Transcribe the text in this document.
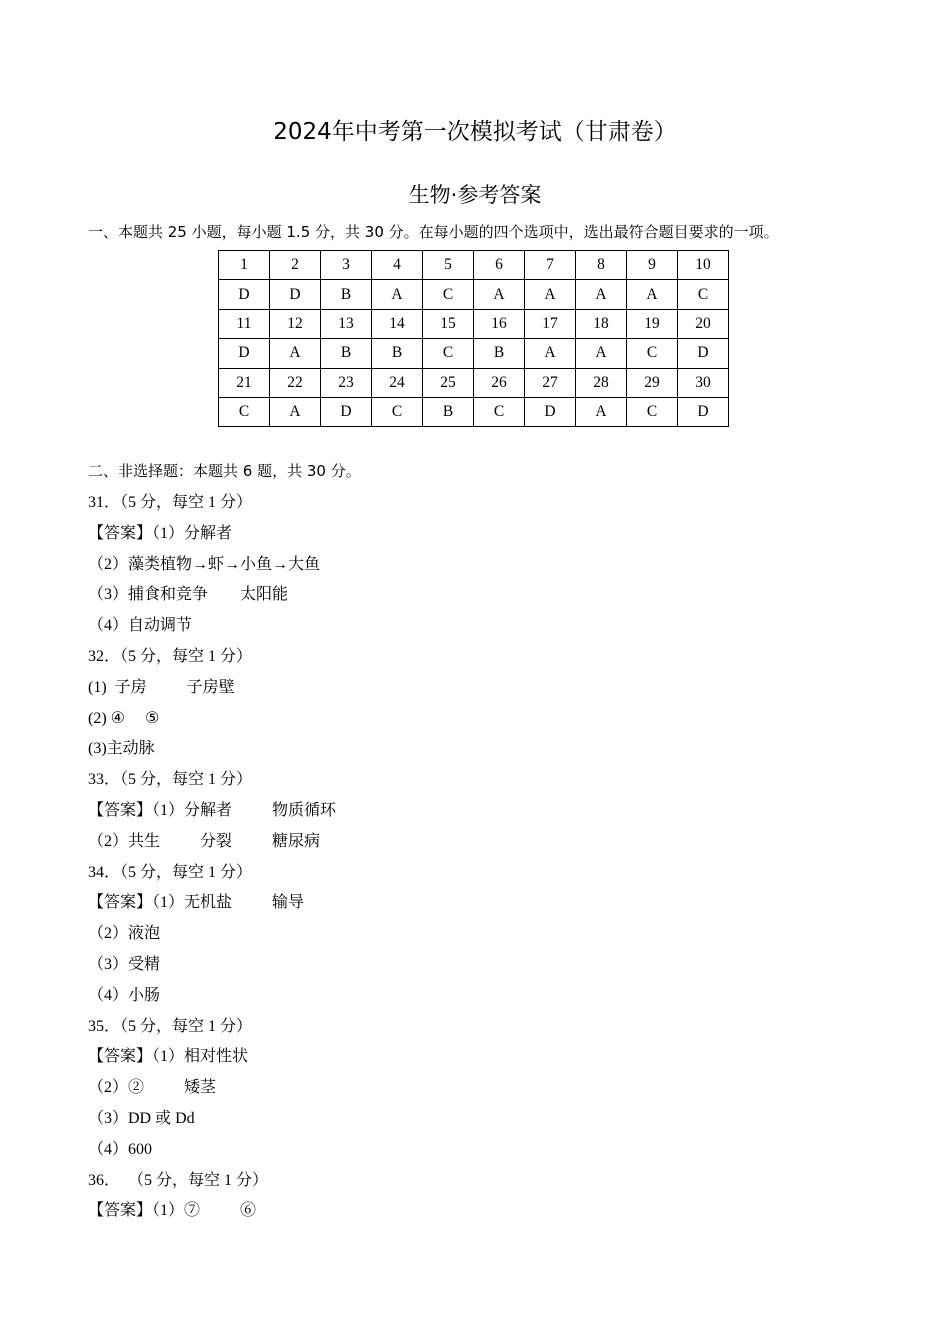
2024年中考第一次模拟考试（甘肃卷）
生物·参考答案
一、本题共 25 小题，每小题 1.5 分，共 30 分。在每小题的四个选项中，选出最符合题目要求的一项。
1	2	3	4	5	6	7	8	9	10
D	D	B	A	C	A	A	A	A	C
11	12	13	14	15	16	17	18	19	20
D	A	B	B	C	B	A	A	C	D
21	22	23	24	25	26	27	28	29	30
C	A	D	C	B	C	D	A	C	D
二、非选择题：本题共 6 题，共 30 分。
31．（5 分，每空 1 分）
【答案】（1）分解者
（2）藻类植物→虾→小鱼→大鱼
（3）捕食和竞争        太阳能
（4）自动调节
32．（5 分，每空 1 分）
(1)  子房          子房壁
(2) ④     ⑤
(3)主动脉
33．（5 分，每空 1 分）
【答案】（1）分解者          物质循环
（2）共生          分裂          糖尿病
34．（5 分，每空 1 分）
【答案】（1）无机盐          输导
（2）液泡
（3）受精
（4）小肠
35．（5 分，每空 1 分）
【答案】（1）相对性状
（2）②          矮茎
（3）DD 或 Dd
（4）600
36．  （5 分，每空 1 分）
【答案】（1）⑦          ⑥
